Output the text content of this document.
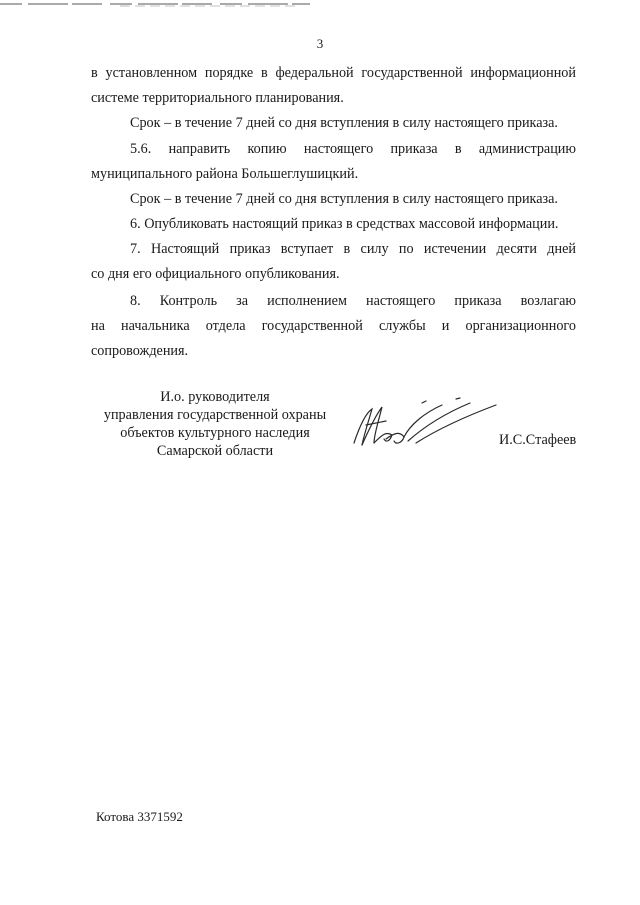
3

в установленном порядке в федеральной государственной информационной

системе территориального планирования.

Срок – в течение 7 дней со дня вступления в силу настоящего приказа.

5.6. направить копию настоящего приказа в администрацию

муниципального района Большеглушицкий.

Срок – в течение 7 дней со дня вступления в силу настоящего приказа.

6. Опубликовать настоящий приказ в средствах массовой информации.

7. Настоящий приказ вступает в силу по истечении десяти дней

со дня его официального опубликования.

8. Контроль за исполнением настоящего приказа возлагаю

на начальника отдела государственной службы и организационного

сопровождения.

И.о. руководителя
управления государственной охраны
объектов культурного наследия
Самарской области
И.С.Стафеев
Котова 3371592
